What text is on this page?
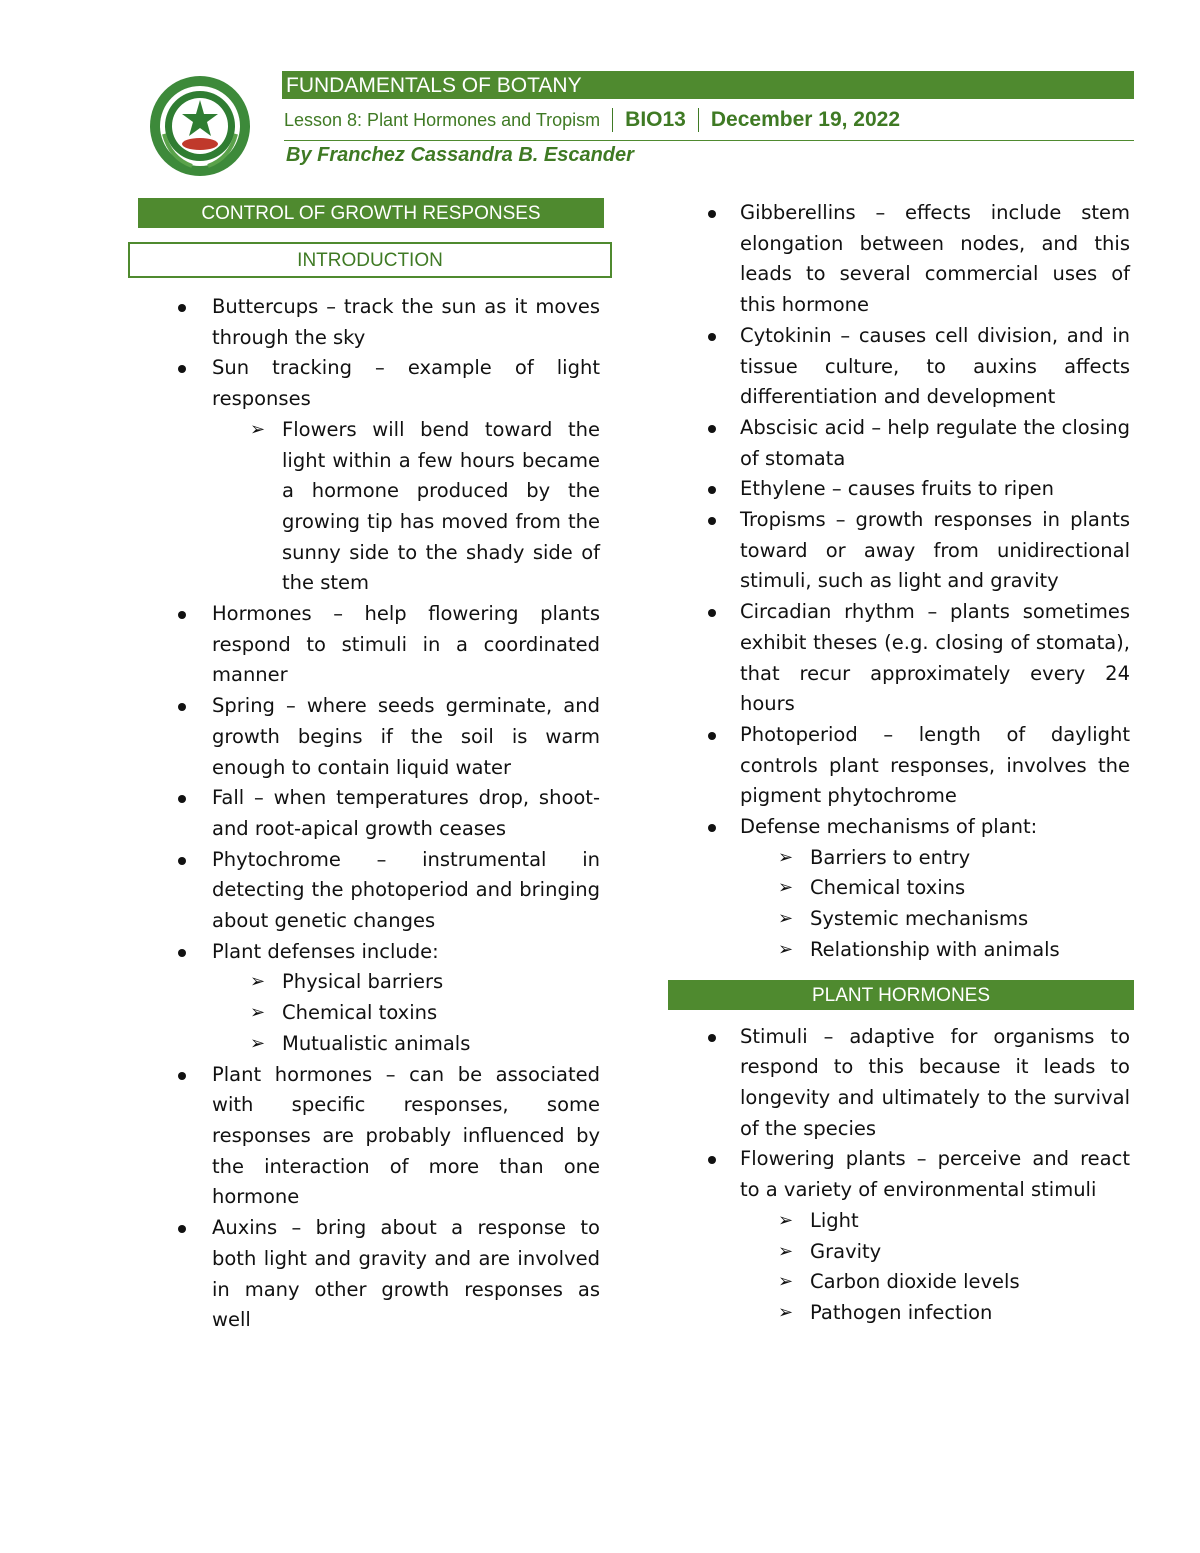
FUNDAMENTALS OF BOTANY
Lesson 8: Plant Hormones and Tropism BIO13 December 19, 2022
By Franchez Cassandra B. Escander
CONTROL OF GROWTH RESPONSES
INTRODUCTION
Buttercups – track the sun as it moves through the sky
Sun tracking – example of light responses
➢ Flowers will bend toward the light within a few hours became a hormone produced by the growing tip has moved from the sunny side to the shady side of the stem
Hormones – help flowering plants respond to stimuli in a coordinated manner
Spring – where seeds germinate, and growth begins if the soil is warm enough to contain liquid water
Fall – when temperatures drop, shoot- and root-apical growth ceases
Phytochrome – instrumental in detecting the photoperiod and bringing about genetic changes
Plant defenses include:
➢ Physical barriers
➢ Chemical toxins
➢ Mutualistic animals
Plant hormones – can be associated with specific responses, some responses are probably influenced by the interaction of more than one hormone
Auxins – bring about a response to both light and gravity and are involved in many other growth responses as well
Gibberellins – effects include stem elongation between nodes, and this leads to several commercial uses of this hormone
Cytokinin – causes cell division, and in tissue culture, to auxins affects differentiation and development
Abscisic acid – help regulate the closing of stomata
Ethylene – causes fruits to ripen
Tropisms – growth responses in plants toward or away from unidirectional stimuli, such as light and gravity
Circadian rhythm – plants sometimes exhibit theses (e.g. closing of stomata), that recur approximately every 24 hours
Photoperiod – length of daylight controls plant responses, involves the pigment phytochrome
Defense mechanisms of plant:
➢ Barriers to entry
➢ Chemical toxins
➢ Systemic mechanisms
➢ Relationship with animals
PLANT HORMONES
Stimuli – adaptive for organisms to respond to this because it leads to longevity and ultimately to the survival of the species
Flowering plants – perceive and react to a variety of environmental stimuli
➢ Light
➢ Gravity
➢ Carbon dioxide levels
➢ Pathogen infection
